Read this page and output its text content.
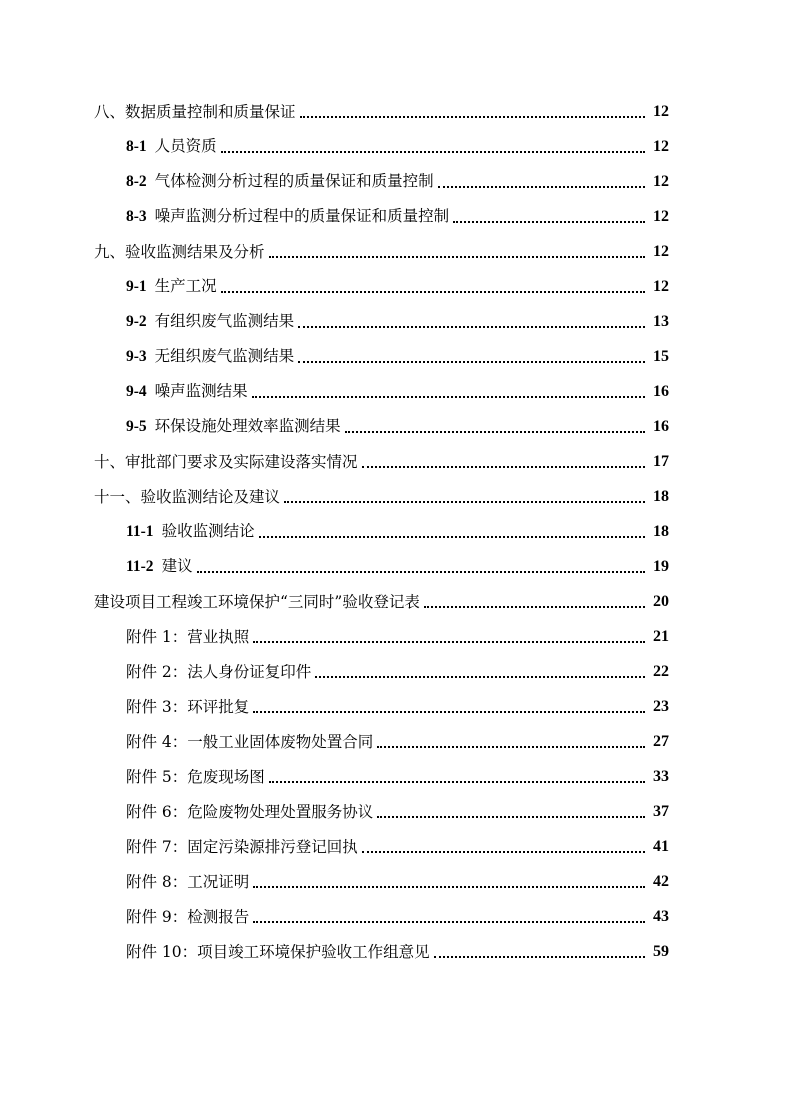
八、数据质量控制和质量保证	12
8-1 人员资质	12
8-2 气体检测分析过程的质量保证和质量控制	12
8-3 噪声监测分析过程中的质量保证和质量控制	12
九、验收监测结果及分析	12
9-1 生产工况	12
9-2 有组织废气监测结果	13
9-3 无组织废气监测结果	15
9-4 噪声监测结果	16
9-5 环保设施处理效率监测结果	16
十、审批部门要求及实际建设落实情况	17
十一、验收监测结论及建议	18
11-1 验收监测结论	18
11-2 建议	19
建设项目工程竣工环境保护“三同时”验收登记表	20
附件 1：营业执照	21
附件 2：法人身份证复印件	22
附件 3：环评批复	23
附件 4：一般工业固体废物处置合同	27
附件 5：危废现场图	33
附件 6：危险废物处理处置服务协议	37
附件 7：固定污染源排污登记回执	41
附件 8：工况证明	42
附件 9：检测报告	43
附件 10：项目竣工环境保护验收工作组意见	59
